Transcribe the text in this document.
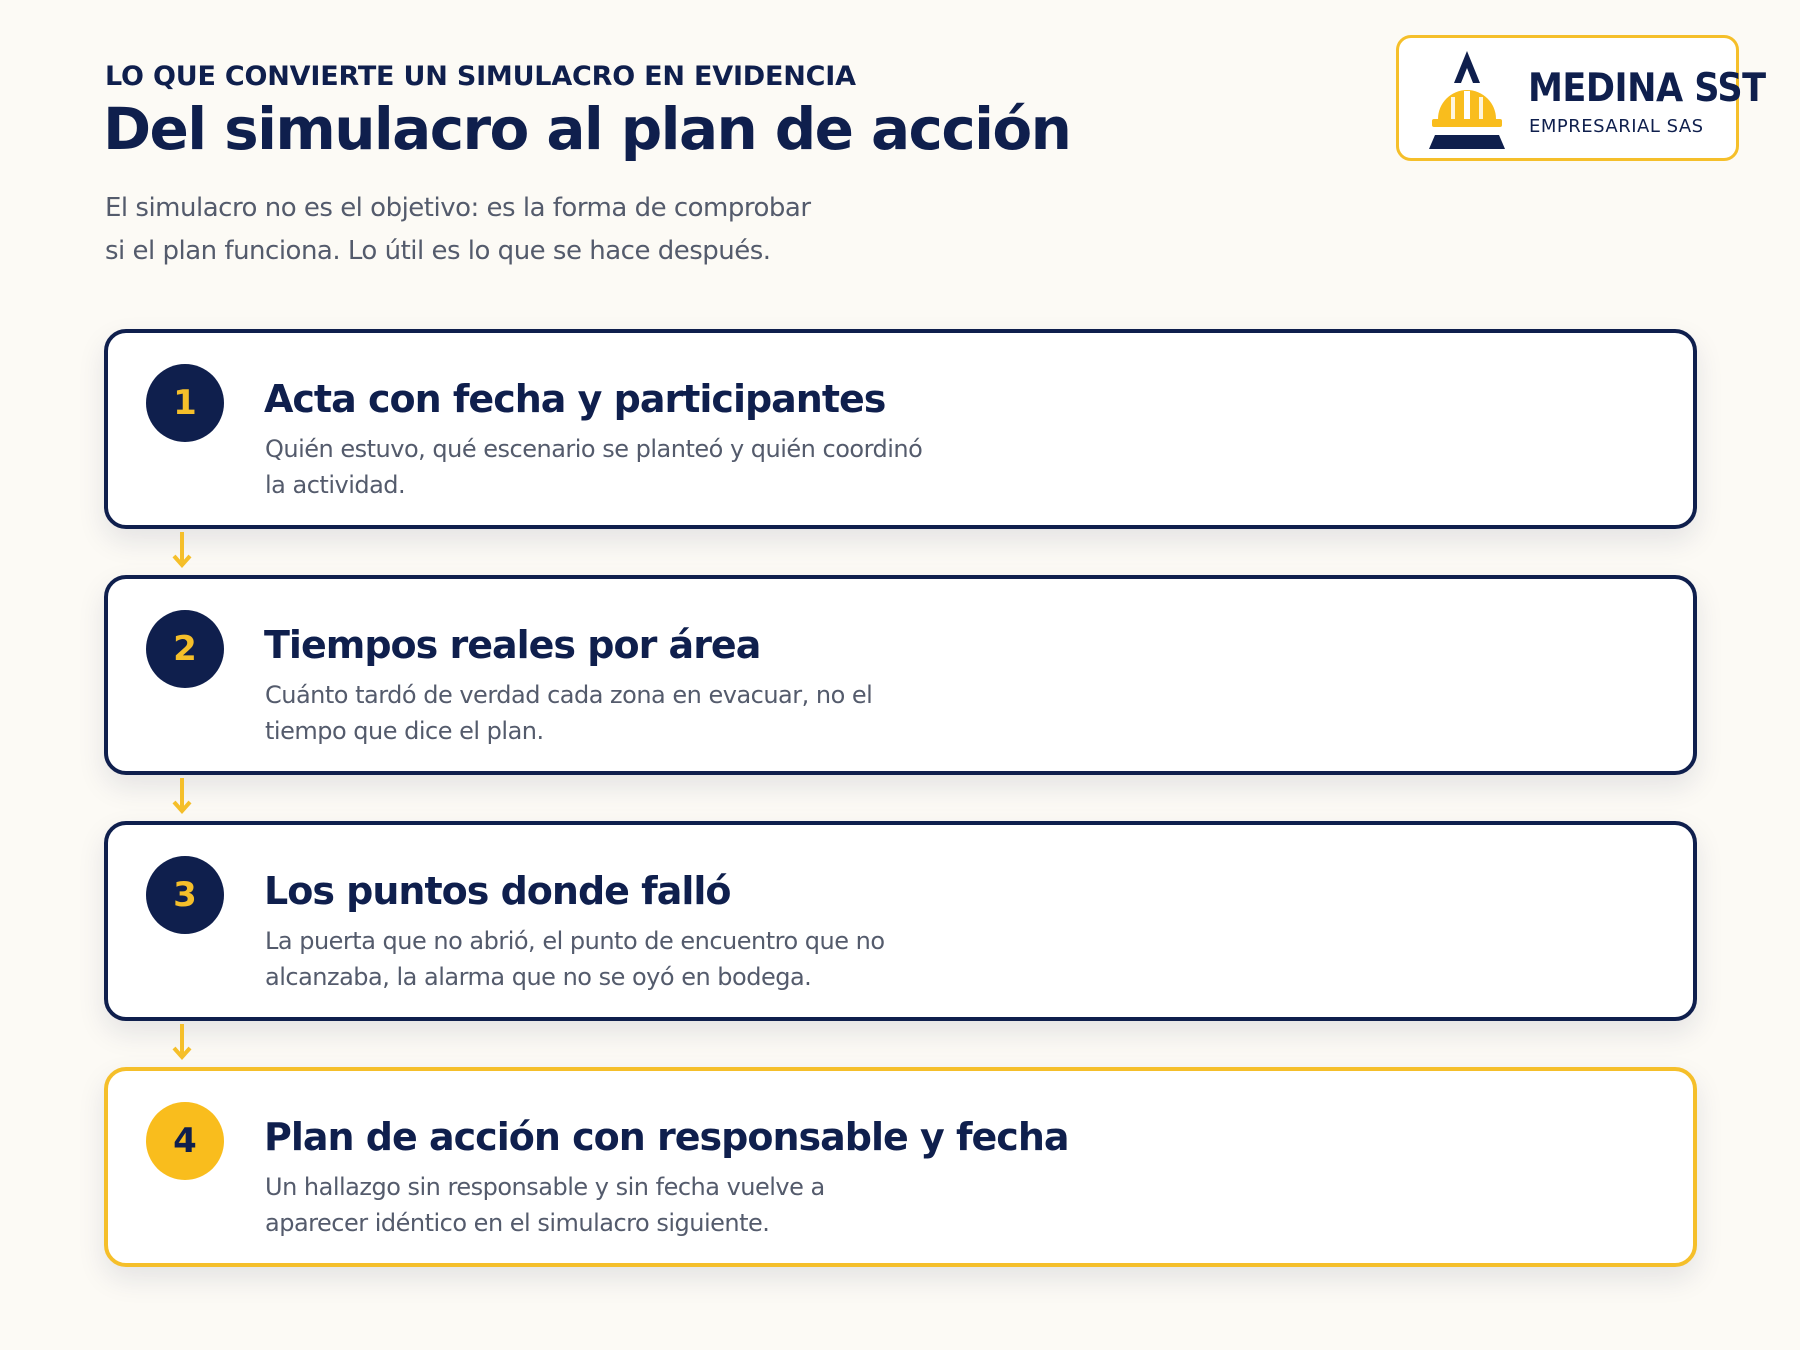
LO QUE CONVIERTE UN SIMULACRO EN EVIDENCIA
Del simulacro al plan de acción
El simulacro no es el objetivo: es la forma de comprobar
si el plan funciona. Lo útil es lo que se hace después.
MEDINA SST
EMPRESARIAL SAS
1	Acta con fecha y participantes
Quién estuvo, qué escenario se planteó y quién coordinó
la actividad.
2	Tiempos reales por área
Cuánto tardó de verdad cada zona en evacuar, no el
tiempo que dice el plan.
3	Los puntos donde falló
La puerta que no abrió, el punto de encuentro que no
alcanzaba, la alarma que no se oyó en bodega.
4	Plan de acción con responsable y fecha
Un hallazgo sin responsable y sin fecha vuelve a
aparecer idéntico en el simulacro siguiente.
